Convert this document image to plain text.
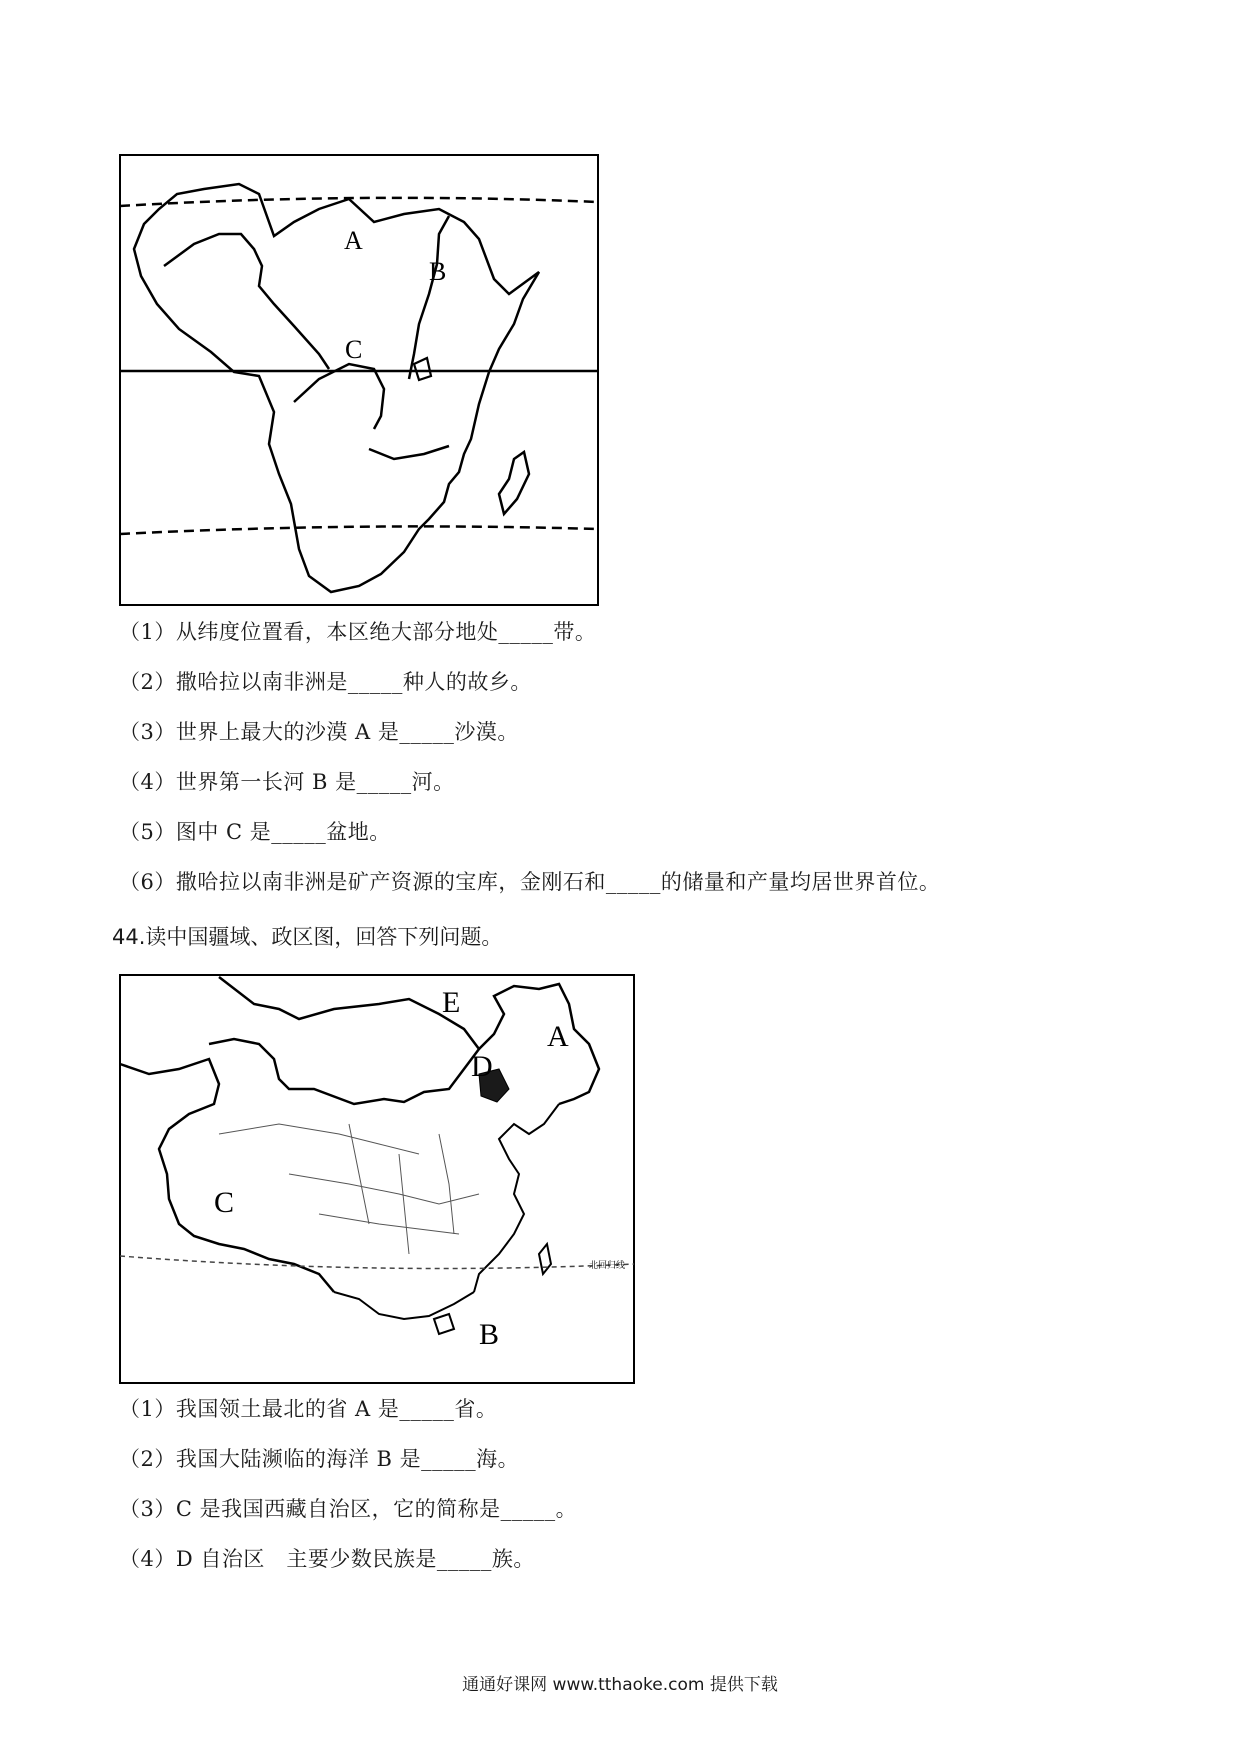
A
B
C
（1）从纬度位置看，本区绝大部分地处_____带。
（2）撒哈拉以南非洲是_____种人的故乡。
（3）世界上最大的沙漠 A 是_____沙漠。
（4）世界第一长河 B 是_____河。
（5）图中 C 是_____盆地。
（6）撒哈拉以南非洲是矿产资源的宝库，金刚石和_____的储量和产量均居世界首位。
44.读中国疆域、政区图，回答下列问题。
北回归线
E
A
D
C
B
（1）我国领土最北的省 A 是_____省。
（2）我国大陆濒临的海洋 B 是_____海。
（3）C 是我国西藏自治区，它的简称是_____。
（4）D 自治区　主要少数民族是_____族。
通通好课网 www.tthaoke.com 提供下载
